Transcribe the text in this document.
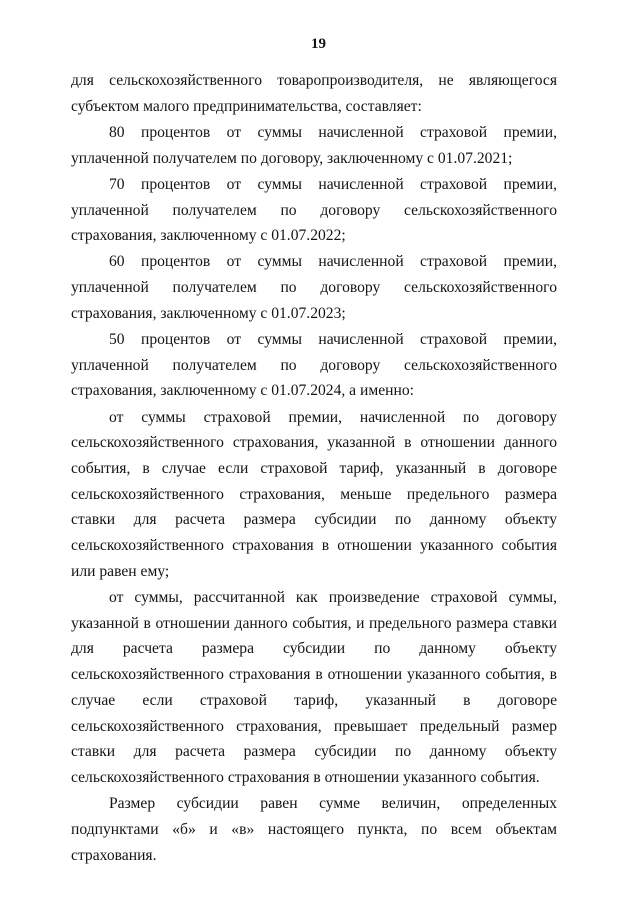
19

для сельскохозяйственного товаропроизводителя, не являющегося субъектом малого предпринимательства, составляет:

80 процентов от суммы начисленной страховой премии, уплаченной получателем по договору, заключенному с 01.07.2021;

70 процентов от суммы начисленной страховой премии, уплаченной получателем по договору сельскохозяйственного страхования, заключенному с 01.07.2022;

60 процентов от суммы начисленной страховой премии, уплаченной получателем по договору сельскохозяйственного страхования, заключенному с 01.07.2023;

50 процентов от суммы начисленной страховой премии, уплаченной получателем по договору сельскохозяйственного страхования, заключенному с 01.07.2024, а именно:

от суммы страховой премии, начисленной по договору сельскохозяйственного страхования, указанной в отношении данного события, в случае если страховой тариф, указанный в договоре сельскохозяйственного страхования, меньше предельного размера ставки для расчета размера субсидии по данному объекту сельскохозяйственного страхования в отношении указанного события или равен ему;

от суммы, рассчитанной как произведение страховой суммы, указанной в отношении данного события, и предельного размера ставки для расчета размера субсидии по данному объекту сельскохозяйственного страхования в отношении указанного события, в случае если страховой тариф, указанный в договоре сельскохозяйственного страхования, превышает предельный размер ставки для расчета размера субсидии по данному объекту сельскохозяйственного страхования в отношении указанного события.

Размер субсидии равен сумме величин, определенных подпунктами «б» и «в» настоящего пункта, по всем объектам страхования.
